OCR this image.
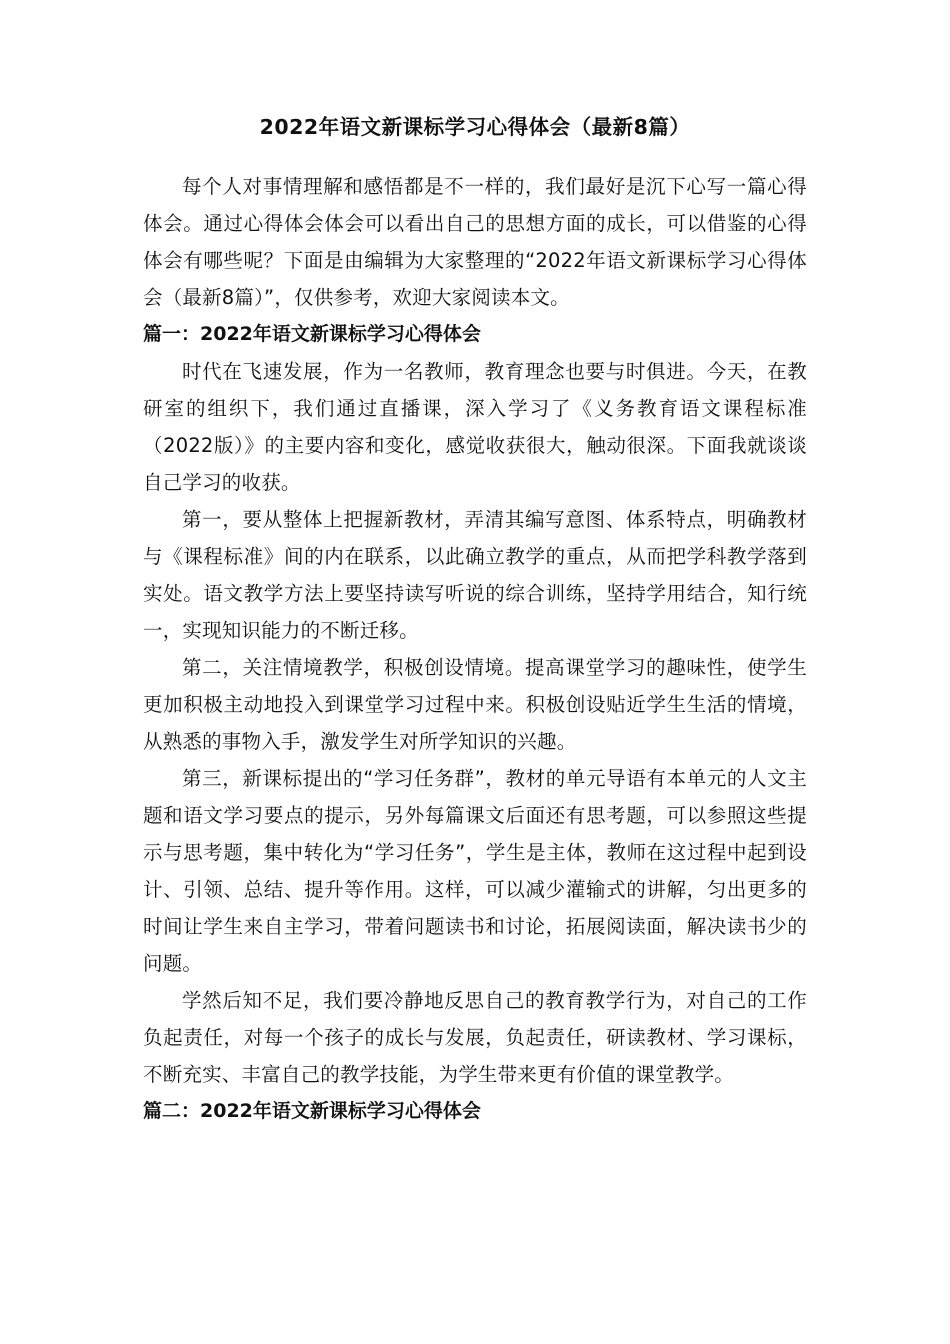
2022年语文新课标学习心得体会（最新8篇）

每个人对事情理解和感悟都是不一样的，我们最好是沉下心写一篇心得体会。通过心得体会体会可以看出自己的思想方面的成长，可以借鉴的心得体会有哪些呢？下面是由编辑为大家整理的“2022年语文新课标学习心得体会（最新8篇）”，仅供参考，欢迎大家阅读本文。

篇一：2022年语文新课标学习心得体会

时代在飞速发展，作为一名教师，教育理念也要与时俱进。今天，在教研室的组织下，我们通过直播课，深入学习了《义务教育语文课程标准（2022版）》的主要内容和变化，感觉收获很大，触动很深。下面我就谈谈自己学习的收获。

第一，要从整体上把握新教材，弄清其编写意图、体系特点，明确教材与《课程标准》间的内在联系，以此确立教学的重点，从而把学科教学落到实处。语文教学方法上要坚持读写听说的综合训练，坚持学用结合，知行统一，实现知识能力的不断迁移。

第二，关注情境教学，积极创设情境。提高课堂学习的趣味性，使学生更加积极主动地投入到课堂学习过程中来。积极创设贴近学生生活的情境，从熟悉的事物入手，激发学生对所学知识的兴趣。

第三，新课标提出的“学习任务群”，教材的单元导语有本单元的人文主题和语文学习要点的提示，另外每篇课文后面还有思考题，可以参照这些提示与思考题，集中转化为“学习任务”，学生是主体，教师在这过程中起到设计、引领、总结、提升等作用。这样，可以减少灌输式的讲解，匀出更多的时间让学生来自主学习，带着问题读书和讨论，拓展阅读面，解决读书少的问题。

学然后知不足，我们要冷静地反思自己的教育教学行为，对自己的工作负起责任，对每一个孩子的成长与发展，负起责任，研读教材、学习课标，不断充实、丰富自己的教学技能，为学生带来更有价值的课堂教学。

篇二：2022年语文新课标学习心得体会
